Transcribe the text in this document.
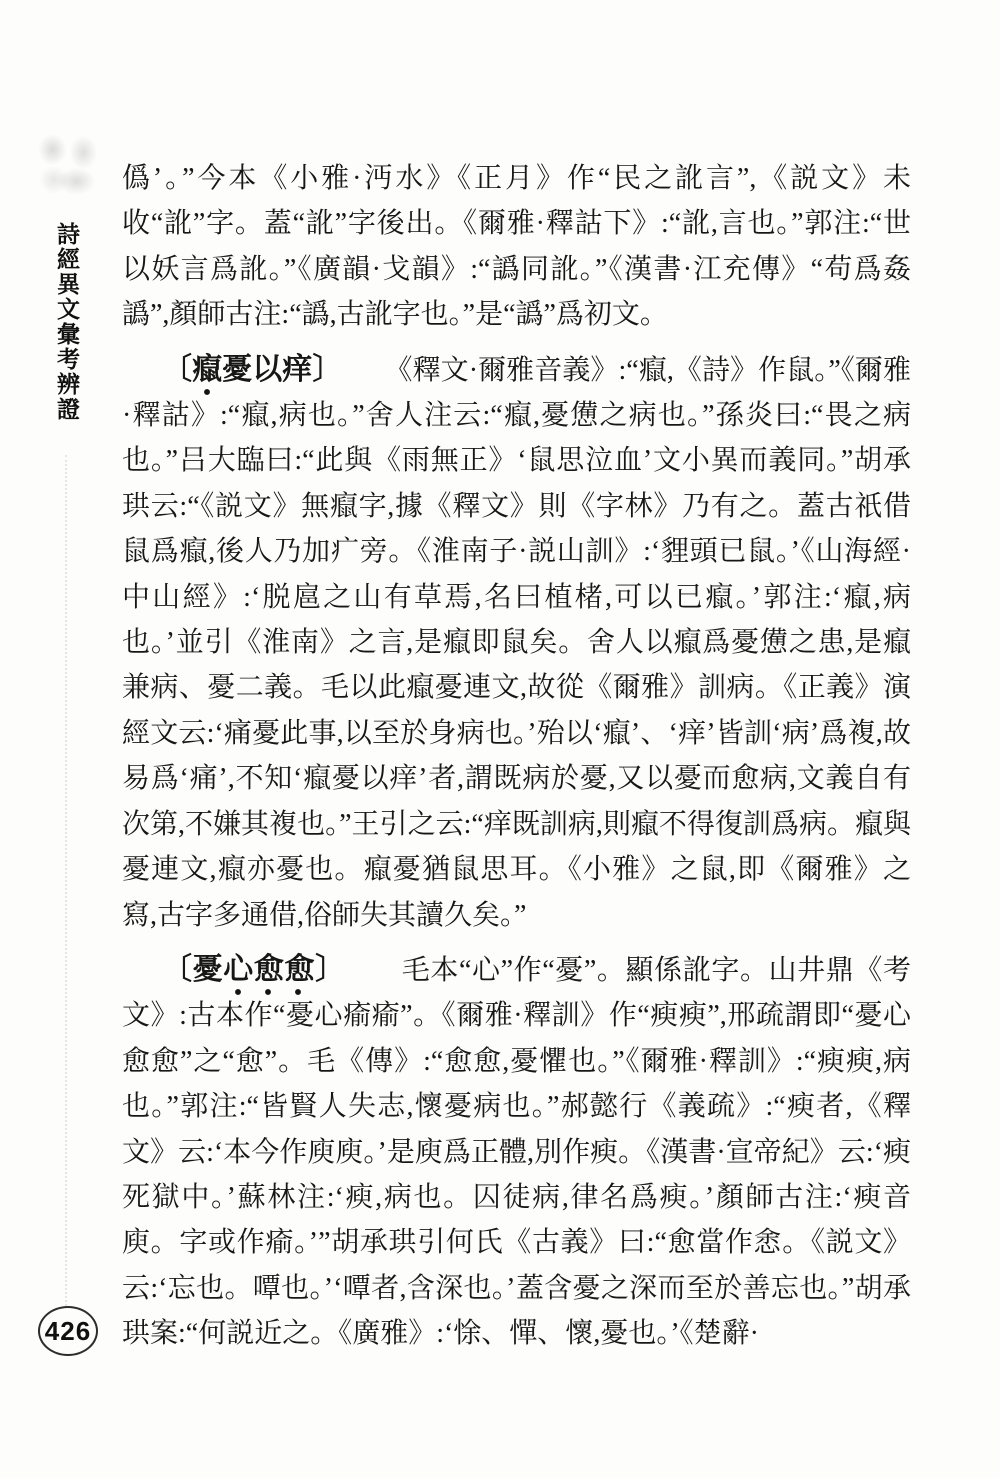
詩經異文彙考辨證
426

僞’。”今本《小雅·沔水》《正月》作“民之訛言”,《説文》未收“訛”字。蓋“訛”字後出。《爾雅·釋詁下》:“訛,言也。”郭注:“世以妖言爲訛。”《廣韻·戈韻》:“譌同訛。”《漢書·江充傳》“苟爲姦譌”,顏師古注:“譌,古訛字也。”是“譌”爲初文。

〔癙憂以痒〕 《釋文·爾雅音義》:“癙,《詩》作鼠。”《爾雅·釋詁》:“癙,病也。”舍人注云:“癙,憂憊之病也。”孫炎曰:“畏之病也。”吕大臨曰:“此與《雨無正》‘鼠思泣血’文小異而義同。”胡承珙云:“《説文》無癙字,據《釋文》則《字林》乃有之。蓋古祇借鼠爲癙,後人乃加疒旁。《淮南子·説山訓》:‘貍頭已鼠。’《山海經·中山經》:‘脱扈之山有草焉,名曰植楮,可以已癙。’郭注:‘癙,病也。’並引《淮南》之言,是癙即鼠矣。舍人以癙爲憂憊之患,是癙兼病、憂二義。毛以此癙憂連文,故從《爾雅》訓病。《正義》演經文云:‘痛憂此事,以至於身病也。’殆以‘癙’、‘痒’皆訓‘病’爲複,故易爲‘痛’,不知‘癙憂以痒’者,謂既病於憂,又以憂而愈病,文義自有次第,不嫌其複也。”王引之云:“痒既訓病,則癙不得復訓爲病。癙與憂連文,癙亦憂也。癙憂猶鼠思耳。《小雅》之鼠,即《爾雅》之寫,古字多通借,俗師失其讀久矣。”

〔憂心愈愈〕 毛本“心”作“憂”。顯係訛字。山井鼎《考文》:古本作“憂心瘉瘉”。《爾雅·釋訓》作“瘐瘐”,邢疏謂即“憂心愈愈”之“愈”。毛《傳》:“愈愈,憂懼也。”《爾雅·釋訓》:“瘐瘐,病也。”郭注:“皆賢人失志,懷憂病也。”郝懿行《義疏》:“瘐者,《釋文》云:‘本今作庾庾。’是庾爲正體,別作瘐。《漢書·宣帝紀》云:‘瘐死獄中。’蘇林注:‘瘐,病也。囚徒病,律名爲瘐。’顏師古注:‘瘐音庾。字或作瘉。’”胡承珙引何氏《古義》曰:“愈當作悆。《説文》云:‘忘也。嘾也。’‘嘾者,含深也。’蓋含憂之深而至於善忘也。”胡承珙案:“何説近之。《廣雅》:‘悇、憚、懷,憂也。’《楚辭·
